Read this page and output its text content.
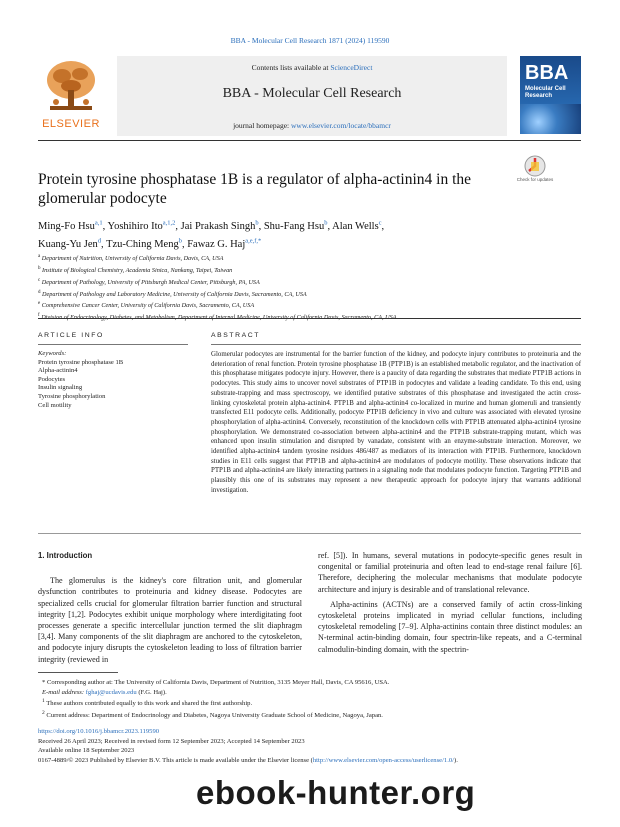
BBA - Molecular Cell Research 1871 (2024) 119590
ELSEVIER
Contents lists available at ScienceDirect
BBA - Molecular Cell Research
journal homepage: www.elsevier.com/locate/bbamcr
BBA
Molecular Cell
Research
Protein tyrosine phosphatase 1B is a regulator of alpha-actinin4 in the glomerular podocyte
Check for updates
Ming-Fo Hsu$^{a,1}$, Yoshihiro Ito$^{a,1,2}$, Jai Prakash Singh$^b$, Shu-Fang Hsu$^b$, Alan Wells$^c$,
Kuang-Yu Jen$^d$, Tzu-Ching Meng$^b$, Fawaz G. Haj$^{a,e,f,*}$
$^a$ Department of Nutrition, University of California Davis, Davis, CA, USA
$^b$ Institute of Biological Chemistry, Academia Sinica, Nankang, Taipei, Taiwan
$^c$ Department of Pathology, University of Pittsburgh Medical Center, Pittsburgh, PA, USA
$^d$ Department of Pathology and Laboratory Medicine, University of California Davis, Sacramento, CA, USA
$^e$ Comprehensive Cancer Center, University of California Davis, Sacramento, CA, USA
$^f$
ARTICLE INFO	ABSTRACT
Keywords:
Protein tyrosine phosphatase 1B
Alpha-actinin4
Podocytes
Insulin signaling
Tyrosine phosphorylation
Cell motility
Glomerular podocytes are instrumental for the barrier function of the kidney, and podocyte injury contributes to proteinuria and the deterioration of renal function. Protein tyrosine phosphatase 1B (PTP1B) is an established metabolic regulator, and the inactivation of this phosphatase mitigates podocyte injury. However, there is a paucity of data regarding the substrates that mediate PTP1B actions in podocytes. This study aims to uncover novel substrates of PTP1B in podocytes and validate a leading candidate. To this end, using substrate-trapping and mass spectroscopy, we identified putative substrates of this phosphatase and investigated the actin cross-linking cytoskeletal protein alpha-actinin4. PTP1B and alpha-actinin4 co-localized in murine and human glomeruli and transiently transfected E11 podocyte cells. Additionally, podocyte PTP1B deficiency in vivo and culture was associated with elevated tyrosine phosphorylation of alpha-actinin4. Conversely, reconstitution of the knockdown cells with PTP1B attenuated alpha-actinin4 tyrosine phosphorylation. We demonstrated co-association between alpha-actinin4 and the PTP1B substrate-trapping mutant, which was enhanced upon insulin stimulation and disrupted by vanadate, consistent with an enzyme-substrate interaction. Moreover, we identified alpha-actinin4 tandem tyrosine residues 486/487 as mediators of its interaction with PTP1B. Furthermore, knockdown studies in E11 cells suggest that PTP1B and alpha-actinin4 are modulators of podocyte motility. These observations indicate that PTP1B and alpha-actinin4 are likely interacting partners in a signaling node that modulates podocyte function. Targeting PTP1B and plausibly this one of its substrates may represent a new therapeutic approach for podocyte injury that warrants additional investigation.
1. Introduction

The glomerulus is the kidney's core filtration unit, and glomerular dysfunction contributes to proteinuria and kidney disease. Podocytes are specialized cells crucial for glomerular filtration barrier function and structural integrity [1,2]. Podocytes exhibit unique morphology where interdigitating foot processes generate a specific intercellular junction termed the slit diaphragm [3,4]. Many components of the slit diaphragm are anchored to the cytoskeleton, and podocyte injury disrupts the cytoskeleton leading to loss of filtration barrier integrity (reviewed in

ref. [5]). In humans, several mutations in podocyte-specific genes result in congenital or familial proteinuria and often lead to end-stage renal failure [6]. Therefore, deciphering the molecular mechanisms that modulate podocyte architecture and injury is desirable and of translational relevance.

Alpha-actinins (ACTNs) are a conserved family of actin cross-linking cytoskeletal proteins implicated in myriad cellular functions, including cytoskeletal remodeling [7–9]. Alpha-actinins contain three distinct modules: an N-terminal actin-binding domain, four spectrin-like repeats, and a C-terminal calmodulin-binding domain, with the spectrin-

* Corresponding author at: The University of California Davis, Department of Nutrition, 3135 Meyer Hall, Davis, CA 95616, USA.
E-mail address: fghaj@ucdavis.edu (F.G. Haj).
$^1$ These authors contributed equally to this work and shared the first authorship.
$^2$ Current address: Department of Endocrinology and Diabetes, Nagoya University Graduate School of Medicine, Nagoya, Japan.
https://doi.org/10.1016/j.bbamcr.2023.119590
Received 26 April 2023; Received in revised form 12 September 2023; Accepted 14 September 2023
Available online 18 September 2023
0167-4889/© 2023 Published by Elsevier B.V. This article is made available under the Elsevier license (http://www.elsevier.com/open-access/userlicense/1.0/).
ebook-hunter.org
